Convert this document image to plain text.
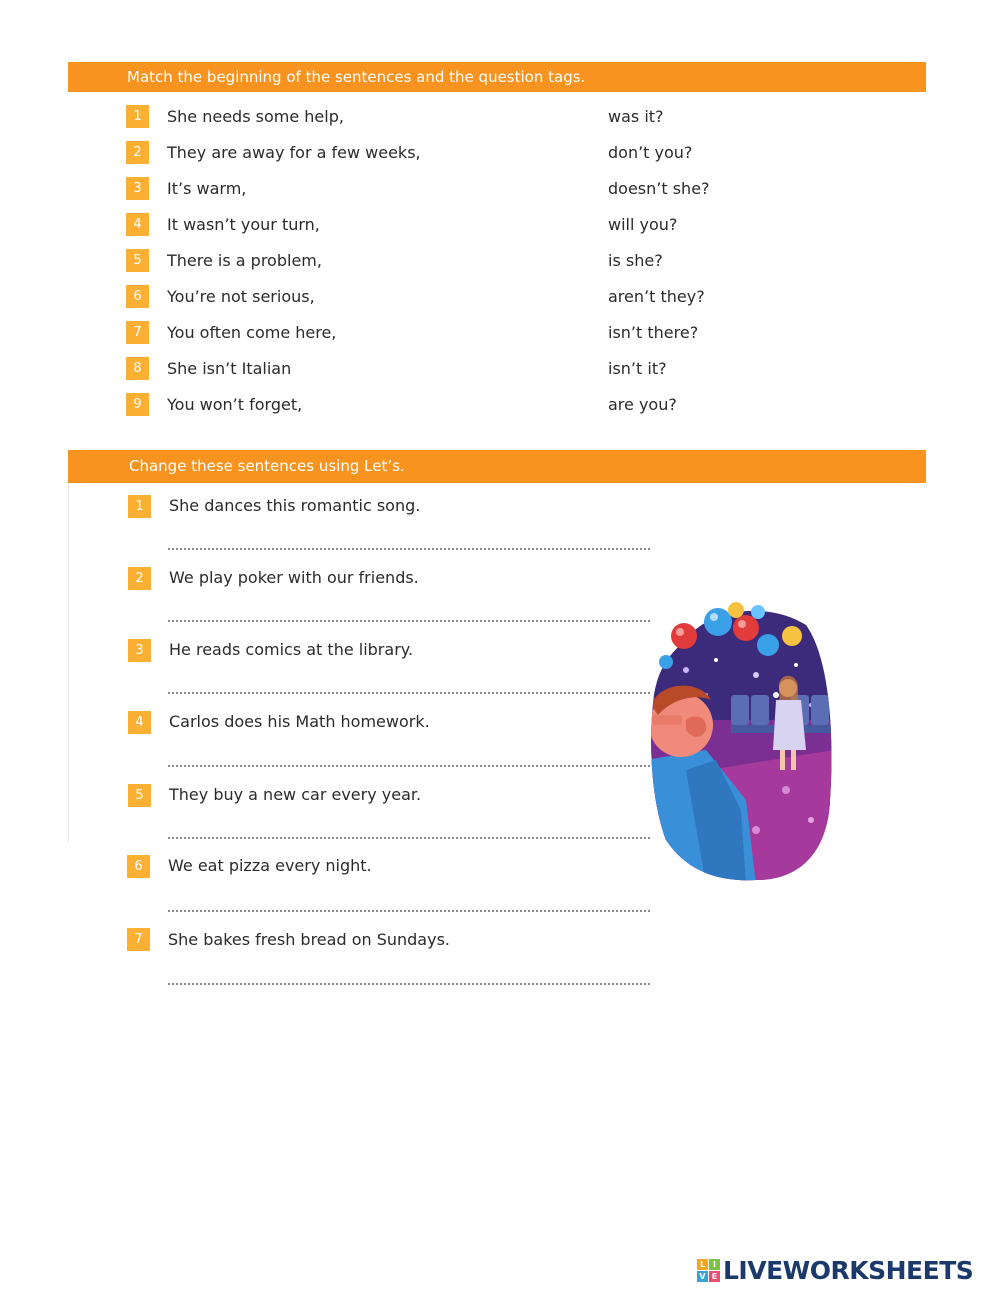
Match the beginning of the sentences and the question tags.
1	She needs some help,	was it?
2	They are away for a few weeks,	don’t you?
3	It’s warm,	doesn’t she?
4	It wasn’t your turn,	will you?
5	There is a problem,	is she?
6	You’re not serious,	aren’t they?
7	You often come here,	isn’t there?
8	She isn’t Italian	isn’t it?
9	You won’t forget,	are you?
Change these sentences using Let’s.
1	She dances this romantic song.
2	We play poker with our friends.
3	He reads comics at the library.
4	Carlos does his Math homework.
5	They buy a new car every year.
6	We eat pizza every night.
7	She bakes fresh bread on Sundays.
L I
V E LIVEWORKSHEETS
